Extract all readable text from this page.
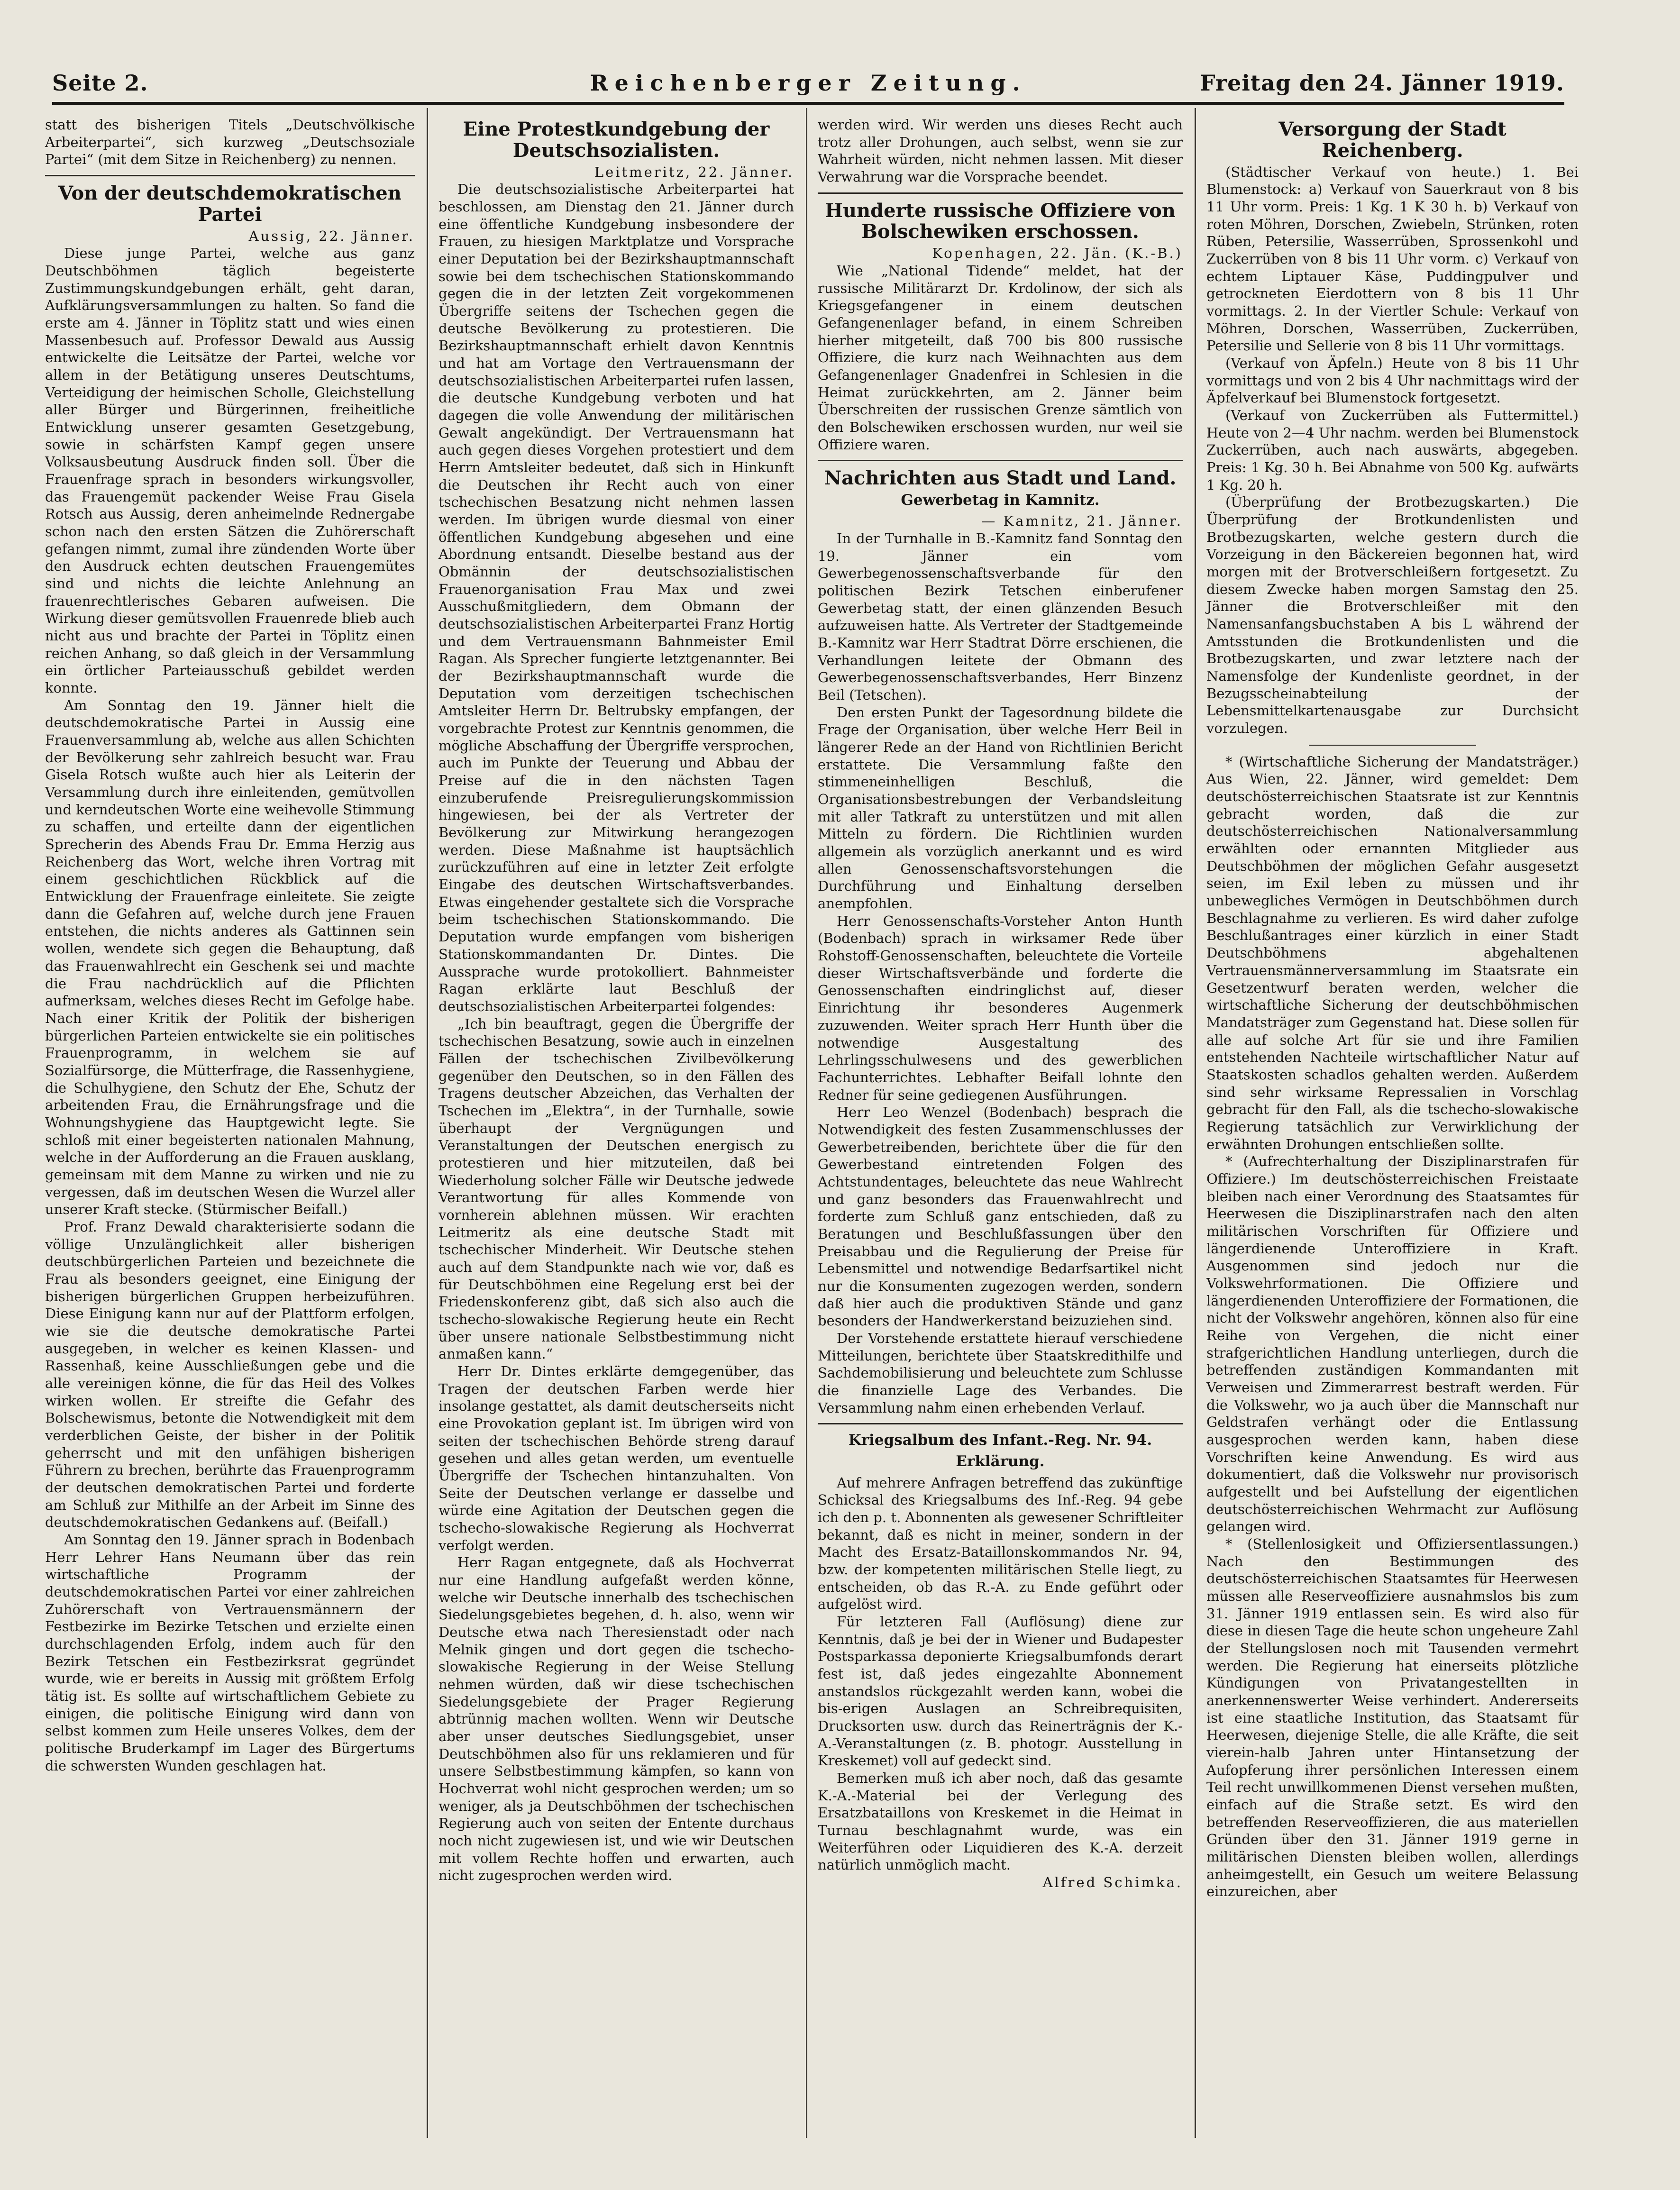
Seite 2.	Reichenberger Zeitung.	Freitag den 24. Jänner 1919.

statt des bisherigen Titels „Deutschvölkische Arbeiterpartei“, sich kurzweg „Deutschsoziale Partei“ (mit dem Sitze in Reichenberg) zu nennen.

Von der deutschdemokratischen Partei

Aussig, 22. Jänner.

Diese junge Partei, welche aus ganz Deutschböhmen täglich begeisterte Zustimmungskundgebungen erhält, geht daran, Aufklärungsversammlungen zu halten. So fand die erste am 4. Jänner in Töplitz statt und wies einen Massenbesuch auf. Professor Dewald aus Aussig entwickelte die Leitsätze der Partei, welche vor allem in der Betätigung unseres Deutschtums, Verteidigung der heimischen Scholle, Gleichstellung aller Bürger und Bürgerinnen, freiheitliche Entwicklung unserer gesamten Gesetzgebung, sowie in schärfsten Kampf gegen unsere Volksausbeutung Ausdruck finden soll. Über die Frauenfrage sprach in besonders wirkungsvoller, das Frauengemüt packender Weise Frau Gisela Rotsch aus Aussig, deren anheimelnde Rednergabe schon nach den ersten Sätzen die Zuhörerschaft gefangen nimmt, zumal ihre zündenden Worte über den Ausdruck echten deutschen Frauengemütes sind und nichts die leichte Anlehnung an frauenrechtlerisches Gebaren aufweisen. Die Wirkung dieser gemütsvollen Frauenrede blieb auch nicht aus und brachte der Partei in Töplitz einen reichen Anhang, so daß gleich in der Versammlung ein örtlicher Parteiausschuß gebildet werden konnte.

Am Sonntag den 19. Jänner hielt die deutschdemokratische Partei in Aussig eine Frauenversammlung ab, welche aus allen Schichten der Bevölkerung sehr zahlreich besucht war. Frau Gisela Rotsch wußte auch hier als Leiterin der Versammlung durch ihre einleitenden, gemütvollen und kerndeutschen Worte eine weihevolle Stimmung zu schaffen, und erteilte dann der eigentlichen Sprecherin des Abends Frau Dr. Emma Herzig aus Reichenberg das Wort, welche ihren Vortrag mit einem geschichtlichen Rückblick auf die Entwicklung der Frauenfrage einleitete. Sie zeigte dann die Gefahren auf, welche durch jene Frauen entstehen, die nichts anderes als Gattinnen sein wollen, wendete sich gegen die Behauptung, daß das Frauenwahlrecht ein Geschenk sei und machte die Frau nachdrücklich auf die Pflichten aufmerksam, welches dieses Recht im Gefolge habe. Nach einer Kritik der Politik der bisherigen bürgerlichen Parteien entwickelte sie ein politisches Frauenprogramm, in welchem sie auf Sozialfürsorge, die Mütterfrage, die Rassenhygiene, die Schulhygiene, den Schutz der Ehe, Schutz der arbeitenden Frau, die Ernährungsfrage und die Wohnungshygiene das Hauptgewicht legte. Sie schloß mit einer begeisterten nationalen Mahnung, welche in der Aufforderung an die Frauen ausklang, gemeinsam mit dem Manne zu wirken und nie zu vergessen, daß im deutschen Wesen die Wurzel aller unserer Kraft stecke. (Stürmischer Beifall.)

Prof. Franz Dewald charakterisierte sodann die völlige Unzulänglichkeit aller bisherigen deutschbürgerlichen Parteien und bezeichnete die Frau als besonders geeignet, eine Einigung der bisherigen bürgerlichen Gruppen herbeizuführen. Diese Einigung kann nur auf der Plattform erfolgen, wie sie die deutsche demokratische Partei ausgegeben, in welcher es keinen Klassen- und Rassenhaß, keine Ausschließungen gebe und die alle vereinigen könne, die für das Heil des Volkes wirken wollen. Er streifte die Gefahr des Bolschewismus, betonte die Notwendigkeit mit dem verderblichen Geiste, der bisher in der Politik geherrscht und mit den unfähigen bisherigen Führern zu brechen, berührte das Frauenprogramm der deutschen demokratischen Partei und forderte am Schluß zur Mithilfe an der Arbeit im Sinne des deutschdemokratischen Gedankens auf. (Beifall.)

Am Sonntag den 19. Jänner sprach in Bodenbach Herr Lehrer Hans Neumann über das rein wirtschaftliche Programm der deutschdemokratischen Partei vor einer zahlreichen Zuhörerschaft von Vertrauensmännern der Festbezirke im Bezirke Tetschen und erzielte einen durchschlagenden Erfolg, indem auch für den Bezirk Tetschen ein Festbezirksrat gegründet wurde, wie er bereits in Aussig mit größtem Erfolg tätig ist. Es sollte auf wirtschaftlichem Gebiete zu einigen, die politische Einigung wird dann von selbst kommen zum Heile unseres Volkes, dem der politische Bruderkampf im Lager des Bürgertums die schwersten Wunden geschlagen hat.

Eine Protestkundgebung der Deutschsozialisten.

Leitmeritz, 22. Jänner.

Die deutschsozialistische Arbeiterpartei hat beschlossen, am Dienstag den 21. Jänner durch eine öffentliche Kundgebung insbesondere der Frauen, zu hiesigen Marktplatze und Vorsprache einer Deputation bei der Bezirkshauptmannschaft sowie bei dem tschechischen Stationskommando gegen die in der letzten Zeit vorgekommenen Übergriffe seitens der Tschechen gegen die deutsche Bevölkerung zu protestieren. Die Bezirkshauptmannschaft erhielt davon Kenntnis und hat am Vortage den Vertrauensmann der deutschsozialistischen Arbeiterpartei rufen lassen, die deutsche Kundgebung verboten und hat dagegen die volle Anwendung der militärischen Gewalt angekündigt. Der Vertrauensmann hat auch gegen dieses Vorgehen protestiert und dem Herrn Amtsleiter bedeutet, daß sich in Hinkunft die Deutschen ihr Recht auch von einer tschechischen Besatzung nicht nehmen lassen werden. Im übrigen wurde diesmal von einer öffentlichen Kundgebung abgesehen und eine Abordnung entsandt. Dieselbe bestand aus der Obmännin der deutschsozialistischen Frauenorganisation Frau Max und zwei Ausschußmitgliedern, dem Obmann der deutschsozialistischen Arbeiterpartei Franz Hortig und dem Vertrauensmann Bahnmeister Emil Ragan. Als Sprecher fungierte letztgenannter. Bei der Bezirkshauptmannschaft wurde die Deputation vom derzeitigen tschechischen Amtsleiter Herrn Dr. Beltrubsky empfangen, der vorgebrachte Protest zur Kenntnis genommen, die mögliche Abschaffung der Übergriffe versprochen, auch im Punkte der Teuerung und Abbau der Preise auf die in den nächsten Tagen einzuberufende Preisregulierungskommission hingewiesen, bei der als Vertreter der Bevölkerung zur Mitwirkung herangezogen werden. Diese Maßnahme ist hauptsächlich zurückzuführen auf eine in letzter Zeit erfolgte Eingabe des deutschen Wirtschaftsverbandes. Etwas eingehender gestaltete sich die Vorsprache beim tschechischen Stationskommando. Die Deputation wurde empfangen vom bisherigen Stationskommandanten Dr. Dintes. Die Aussprache wurde protokolliert. Bahnmeister Ragan erklärte laut Beschluß der deutschsozialistischen Arbeiterpartei folgendes:

„Ich bin beauftragt, gegen die Übergriffe der tschechischen Besatzung, sowie auch in einzelnen Fällen der tschechischen Zivilbevölkerung gegenüber den Deutschen, so in den Fällen des Tragens deutscher Abzeichen, das Verhalten der Tschechen im „Elektra“, in der Turnhalle, sowie überhaupt der Vergnügungen und Veranstaltungen der Deutschen energisch zu protestieren und hier mitzuteilen, daß bei Wiederholung solcher Fälle wir Deutsche jedwede Verantwortung für alles Kommende von vornherein ablehnen müssen. Wir erachten Leitmeritz als eine deutsche Stadt mit tschechischer Minderheit. Wir Deutsche stehen auch auf dem Standpunkte nach wie vor, daß es für Deutschböhmen eine Regelung erst bei der Friedenskonferenz gibt, daß sich also auch die tschecho-slowakische Regierung heute ein Recht über unsere nationale Selbstbestimmung nicht anmaßen kann.“

Herr Dr. Dintes erklärte demgegenüber, das Tragen der deutschen Farben werde hier insolange gestattet, als damit deutscherseits nicht eine Provokation geplant ist. Im übrigen wird von seiten der tschechischen Behörde streng darauf gesehen und alles getan werden, um eventuelle Übergriffe der Tschechen hintanzuhalten. Von Seite der Deutschen verlange er dasselbe und würde eine Agitation der Deutschen gegen die tschecho-slowakische Regierung als Hochverrat verfolgt werden.

Herr Ragan entgegnete, daß als Hochverrat nur eine Handlung aufgefaßt werden könne, welche wir Deutsche innerhalb des tschechischen Siedelungsgebietes begehen, d. h. also, wenn wir Deutsche etwa nach Theresienstadt oder nach Melnik gingen und dort gegen die tschecho-slowakische Regierung in der Weise Stellung nehmen würden, daß wir diese tschechischen Siedelungsgebiete der Prager Regierung abtrünnig machen wollten. Wenn wir Deutsche aber unser deutsches Siedlungsgebiet, unser Deutschböhmen also für uns reklamieren und für unsere Selbstbestimmung kämpfen, so kann von Hochverrat wohl nicht gesprochen werden; um so weniger, als ja Deutschböhmen der tschechischen Regierung auch von seiten der Entente durchaus noch nicht zugewiesen ist, und wie wir Deutschen mit vollem Rechte hoffen und erwarten, auch nicht zugesprochen werden wird.

werden wird. Wir werden uns dieses Recht auch trotz aller Drohungen, auch selbst, wenn sie zur Wahrheit würden, nicht nehmen lassen. Mit dieser Verwahrung war die Vorsprache beendet.

Hunderte russische Offiziere von Bolschewiken erschossen.

Kopenhagen, 22. Jän. (K.-B.)

Wie „National Tidende“ meldet, hat der russische Militärarzt Dr. Krdolinow, der sich als Kriegsgefangener in einem deutschen Gefangenenlager befand, in einem Schreiben hierher mitgeteilt, daß 700 bis 800 russische Offiziere, die kurz nach Weihnachten aus dem Gefangenenlager Gnadenfrei in Schlesien in die Heimat zurückkehrten, am 2. Jänner beim Überschreiten der russischen Grenze sämtlich von den Bolschewiken erschossen wurden, nur weil sie Offiziere waren.

Nachrichten aus Stadt und Land.
Gewerbetag in Kamnitz.

— Kamnitz, 21. Jänner.

In der Turnhalle in B.-Kamnitz fand Sonntag den 19. Jänner ein vom Gewerbegenossenschaftsverbande für den politischen Bezirk Tetschen einberufener Gewerbetag statt, der einen glänzenden Besuch aufzuweisen hatte. Als Vertreter der Stadtgemeinde B.-Kamnitz war Herr Stadtrat Dörre erschienen, die Verhandlungen leitete der Obmann des Gewerbegenossenschaftsverbandes, Herr Binzenz Beil (Tetschen).

Den ersten Punkt der Tagesordnung bildete die Frage der Organisation, über welche Herr Beil in längerer Rede an der Hand von Richtlinien Bericht erstattete. Die Versammlung faßte den stimmeneinhelligen Beschluß, die Organisationsbestrebungen der Verbandsleitung mit aller Tatkraft zu unterstützen und mit allen Mitteln zu fördern. Die Richtlinien wurden allgemein als vorzüglich anerkannt und es wird allen Genossenschaftsvorstehungen die Durchführung und Einhaltung derselben anempfohlen.

Herr Genossenschafts-Vorsteher Anton Hunth (Bodenbach) sprach in wirksamer Rede über Rohstoff-Genossenschaften, beleuchtete die Vorteile dieser Wirtschaftsverbände und forderte die Genossenschaften eindringlichst auf, dieser Einrichtung ihr besonderes Augenmerk zuzuwenden. Weiter sprach Herr Hunth über die notwendige Ausgestaltung des Lehrlingsschulwesens und des gewerblichen Fachunterrichtes. Lebhafter Beifall lohnte den Redner für seine gediegenen Ausführungen.

Herr Leo Wenzel (Bodenbach) besprach die Notwendigkeit des festen Zusammenschlusses der Gewerbetreibenden, berichtete über die für den Gewerbestand eintretenden Folgen des Achtstundentages, beleuchtete das neue Wahlrecht und ganz besonders das Frauenwahlrecht und forderte zum Schluß ganz entschieden, daß zu Beratungen und Beschlußfassungen über den Preisabbau und die Regulierung der Preise für Lebensmittel und notwendige Bedarfsartikel nicht nur die Konsumenten zugezogen werden, sondern daß hier auch die produktiven Stände und ganz besonders der Handwerkerstand beizuziehen sind.

Der Vorstehende erstattete hierauf verschiedene Mitteilungen, berichtete über Staatskredithilfe und Sachdemobilisierung und beleuchtete zum Schlusse die finanzielle Lage des Verbandes. Die Versammlung nahm einen erhebenden Verlauf.

Kriegsalbum des Infant.-Reg. Nr. 94.
Erklärung.

Auf mehrere Anfragen betreffend das zukünftige Schicksal des Kriegsalbums des Inf.-Reg. 94 gebe ich den p. t. Abonnenten als gewesener Schriftleiter bekannt, daß es nicht in meiner, sondern in der Macht des Ersatz-Bataillonskommandos Nr. 94, bzw. der kompetenten militärischen Stelle liegt, zu entscheiden, ob das R.-A. zu Ende geführt oder aufgelöst wird.

Für letzteren Fall (Auflösung) diene zur Kenntnis, daß je bei der in Wiener und Budapester Postsparkassa deponierte Kriegsalbumfonds derart fest ist, daß jedes eingezahlte Abonnement anstandslos rückgezahlt werden kann, wobei die bis-erigen Auslagen an Schreibrequisiten, Drucksorten usw. durch das Reinerträgnis der K.-A.-Veranstaltungen (z. B. photogr. Ausstellung in Kreskemet) voll auf gedeckt sind.

Bemerken muß ich aber noch, daß das gesamte K.-A.-Material bei der Verlegung des Ersatzbataillons von Kreskemet in die Heimat in Turnau beschlagnahmt wurde, was ein Weiterführen oder Liquidieren des K.-A. derzeit natürlich unmöglich macht.

Alfred Schimka.

Versorgung der Stadt Reichenberg.

(Städtischer Verkauf von heute.) 1. Bei Blumenstock: a) Verkauf von Sauerkraut von 8 bis 11 Uhr vorm. Preis: 1 Kg. 1 K 30 h. b) Verkauf von roten Möhren, Dorschen, Zwiebeln, Strünken, roten Rüben, Petersilie, Wasserrüben, Sprossenkohl und Zuckerrüben von 8 bis 11 Uhr vorm. c) Verkauf von echtem Liptauer Käse, Puddingpulver und getrockneten Eierdottern von 8 bis 11 Uhr vormittags. 2. In der Viertler Schule: Verkauf von Möhren, Dorschen, Wasserrüben, Zuckerrüben, Petersilie und Sellerie von 8 bis 11 Uhr vormittags.

(Verkauf von Äpfeln.) Heute von 8 bis 11 Uhr vormittags und von 2 bis 4 Uhr nachmittags wird der Äpfelverkauf bei Blumenstock fortgesetzt.

(Verkauf von Zuckerrüben als Futtermittel.) Heute von 2—4 Uhr nachm. werden bei Blumenstock Zuckerrüben, auch nach auswärts, abgegeben. Preis: 1 Kg. 30 h. Bei Abnahme von 500 Kg. aufwärts 1 Kg. 20 h.

(Überprüfung der Brotbezugskarten.) Die Überprüfung der Brotkundenlisten und Brotbezugskarten, welche gestern durch die Vorzeigung in den Bäckereien begonnen hat, wird morgen mit der Brotverschleißern fortgesetzt. Zu diesem Zwecke haben morgen Samstag den 25. Jänner die Brotverschleißer mit den Namensanfangsbuchstaben A bis L während der Amtsstunden die Brotkundenlisten und die Brotbezugskarten, und zwar letztere nach der Namensfolge der Kundenliste geordnet, in der Bezugsscheinabteilung der Lebensmittelkartenausgabe zur Durchsicht vorzulegen.

* (Wirtschaftliche Sicherung der Mandatsträger.) Aus Wien, 22. Jänner, wird gemeldet: Dem deutschösterreichischen Staatsrate ist zur Kenntnis gebracht worden, daß die zur deutschösterreichischen Nationalversammlung erwählten oder ernannten Mitglieder aus Deutschböhmen der möglichen Gefahr ausgesetzt seien, im Exil leben zu müssen und ihr unbewegliches Vermögen in Deutschböhmen durch Beschlagnahme zu verlieren. Es wird daher zufolge Beschlußantrages einer kürzlich in einer Stadt Deutschböhmens abgehaltenen Vertrauensmännerversammlung im Staatsrate ein Gesetzentwurf beraten werden, welcher die wirtschaftliche Sicherung der deutschböhmischen Mandatsträger zum Gegenstand hat. Diese sollen für alle auf solche Art für sie und ihre Familien entstehenden Nachteile wirtschaftlicher Natur auf Staatskosten schadlos gehalten werden. Außerdem sind sehr wirksame Repressalien in Vorschlag gebracht für den Fall, als die tschecho-slowakische Regierung tatsächlich zur Verwirklichung der erwähnten Drohungen entschließen sollte.

* (Aufrechterhaltung der Disziplinarstrafen für Offiziere.) Im deutschösterreichischen Freistaate bleiben nach einer Verordnung des Staatsamtes für Heerwesen die Disziplinarstrafen nach den alten militärischen Vorschriften für Offiziere und längerdienende Unteroffiziere in Kraft. Ausgenommen sind jedoch nur die Volkswehrformationen. Die Offiziere und längerdienenden Unteroffiziere der Formationen, die nicht der Volkswehr angehören, können also für eine Reihe von Vergehen, die nicht einer strafgerichtlichen Handlung unterliegen, durch die betreffenden zuständigen Kommandanten mit Verweisen und Zimmerarrest bestraft werden. Für die Volkswehr, wo ja auch über die Mannschaft nur Geldstrafen verhängt oder die Entlassung ausgesprochen werden kann, haben diese Vorschriften keine Anwendung. Es wird aus dokumentiert, daß die Volkswehr nur provisorisch aufgestellt und bei Aufstellung der eigentlichen deutschösterreichischen Wehrmacht zur Auflösung gelangen wird.

* (Stellenlosigkeit und Offiziersentlassungen.) Nach den Bestimmungen des deutschösterreichischen Staatsamtes für Heerwesen müssen alle Reserveoffiziere ausnahmslos bis zum 31. Jänner 1919 entlassen sein. Es wird also für diese in diesen Tage die heute schon ungeheure Zahl der Stellungslosen noch mit Tausenden vermehrt werden. Die Regierung hat einerseits plötzliche Kündigungen von Privatangestellten in anerkennenswerter Weise verhindert. Andererseits ist eine staatliche Institution, das Staatsamt für Heerwesen, diejenige Stelle, die alle Kräfte, die seit vierein-halb Jahren unter Hintansetzung der Aufopferung ihrer persönlichen Interessen einem Teil recht unwillkommenen Dienst versehen mußten, einfach auf die Straße setzt. Es wird den betreffenden Reserveoffizieren, die aus materiellen Gründen über den 31. Jänner 1919 gerne in militärischen Diensten bleiben wollen, allerdings anheimgestellt, ein Gesuch um weitere Belassung einzureichen, aber
